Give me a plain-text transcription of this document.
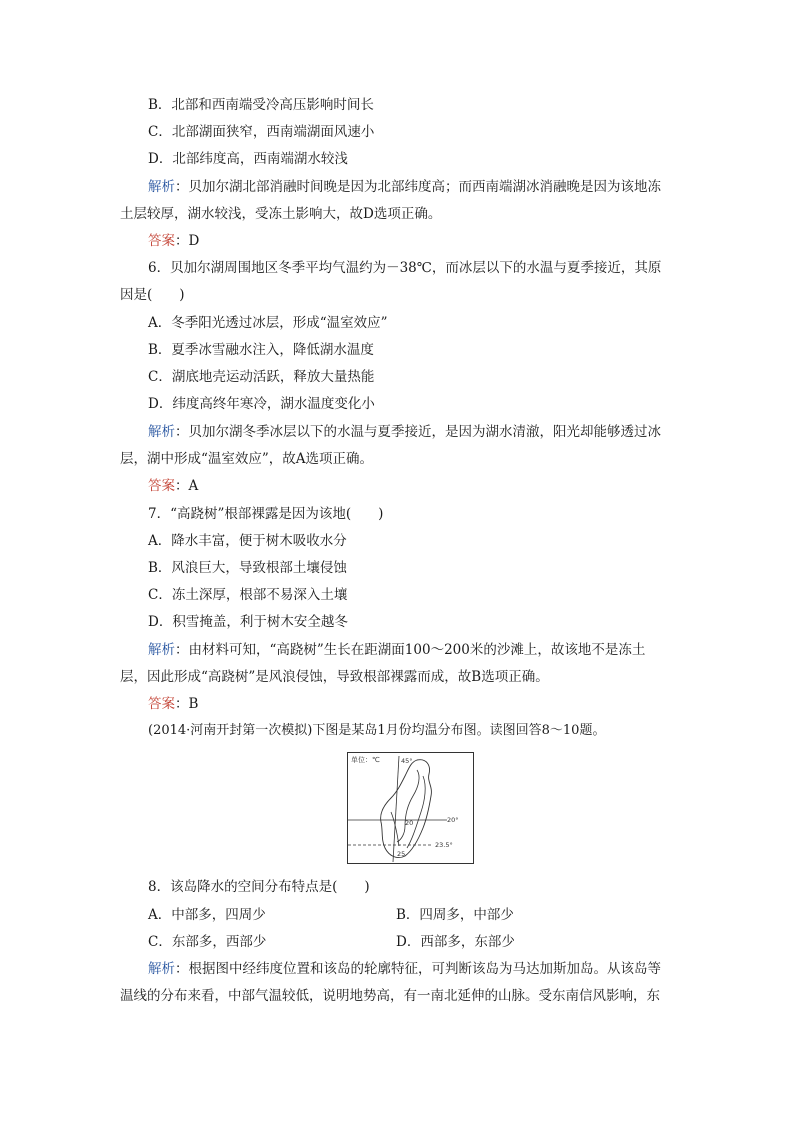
B．北部和西南端受冷高压影响时间长
C．北部湖面狭窄，西南端湖面风速小
D．北部纬度高，西南端湖水较浅
解析：贝加尔湖北部消融时间晚是因为北部纬度高；而西南端湖冰消融晚是因为该地冻
土层较厚，湖水较浅，受冻土影响大，故D选项正确。
答案：D
6．贝加尔湖周围地区冬季平均气温约为－38℃，而冰层以下的水温与夏季接近，其原
因是(　　)
A．冬季阳光透过冰层，形成“温室效应”
B．夏季冰雪融水注入，降低湖水温度
C．湖底地壳运动活跃，释放大量热能
D．纬度高终年寒冷，湖水温度变化小
解析：贝加尔湖冬季冰层以下的水温与夏季接近，是因为湖水清澈，阳光却能够透过冰
层，湖中形成“温室效应”，故A选项正确。
答案：A
7．“高跷树”根部裸露是因为该地(　　)
A．降水丰富，便于树木吸收水分
B．风浪巨大，导致根部土壤侵蚀
C．冻土深厚，根部不易深入土壤
D．积雪掩盖，利于树木安全越冬
解析：由材料可知，“高跷树”生长在距湖面100～200米的沙滩上，故该地不是冻土
层，因此形成“高跷树”是风浪侵蚀，导致根部裸露而成，故B选项正确。
答案：B
(2014·河南开封第一次模拟)下图是某岛1月份均温分布图。读图回答8～10题。
单位：℃	45°
20°
23.5°
20
25
8．该岛降水的空间分布特点是(　　)
A．中部多，四周少	B．四周多，中部少
C．东部多，西部少	D．西部多，东部少
解析：根据图中经纬度位置和该岛的轮廓特征，可判断该岛为马达加斯加岛。从该岛等
温线的分布来看，中部气温较低，说明地势高，有一南北延伸的山脉。受东南信风影响，东
